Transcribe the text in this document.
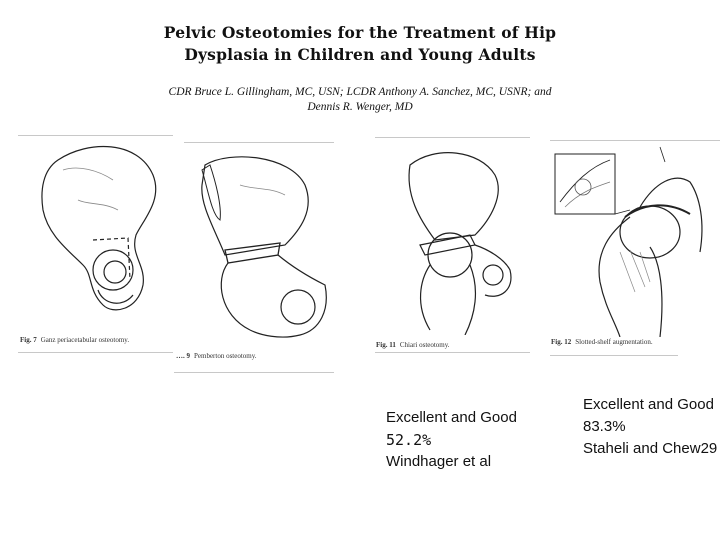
Pelvic Osteotomies for the Treatment of Hip
Dysplasia in Children and Young Adults
CDR Bruce L. Gillingham, MC, USN; LCDR Anthony A. Sanchez, MC, USNR; and
Dennis R. Wenger, MD
Fig. 7 Ganz periacetabular osteotomy.
…. 9 Pemberton osteotomy.
Fig. 11 Chiari osteotomy.	Fig. 12 Slotted-shelf augmentation.
Excellent and Good
52.2%
Windhager et al
Excellent and Good
83.3%
Staheli and Chew29
